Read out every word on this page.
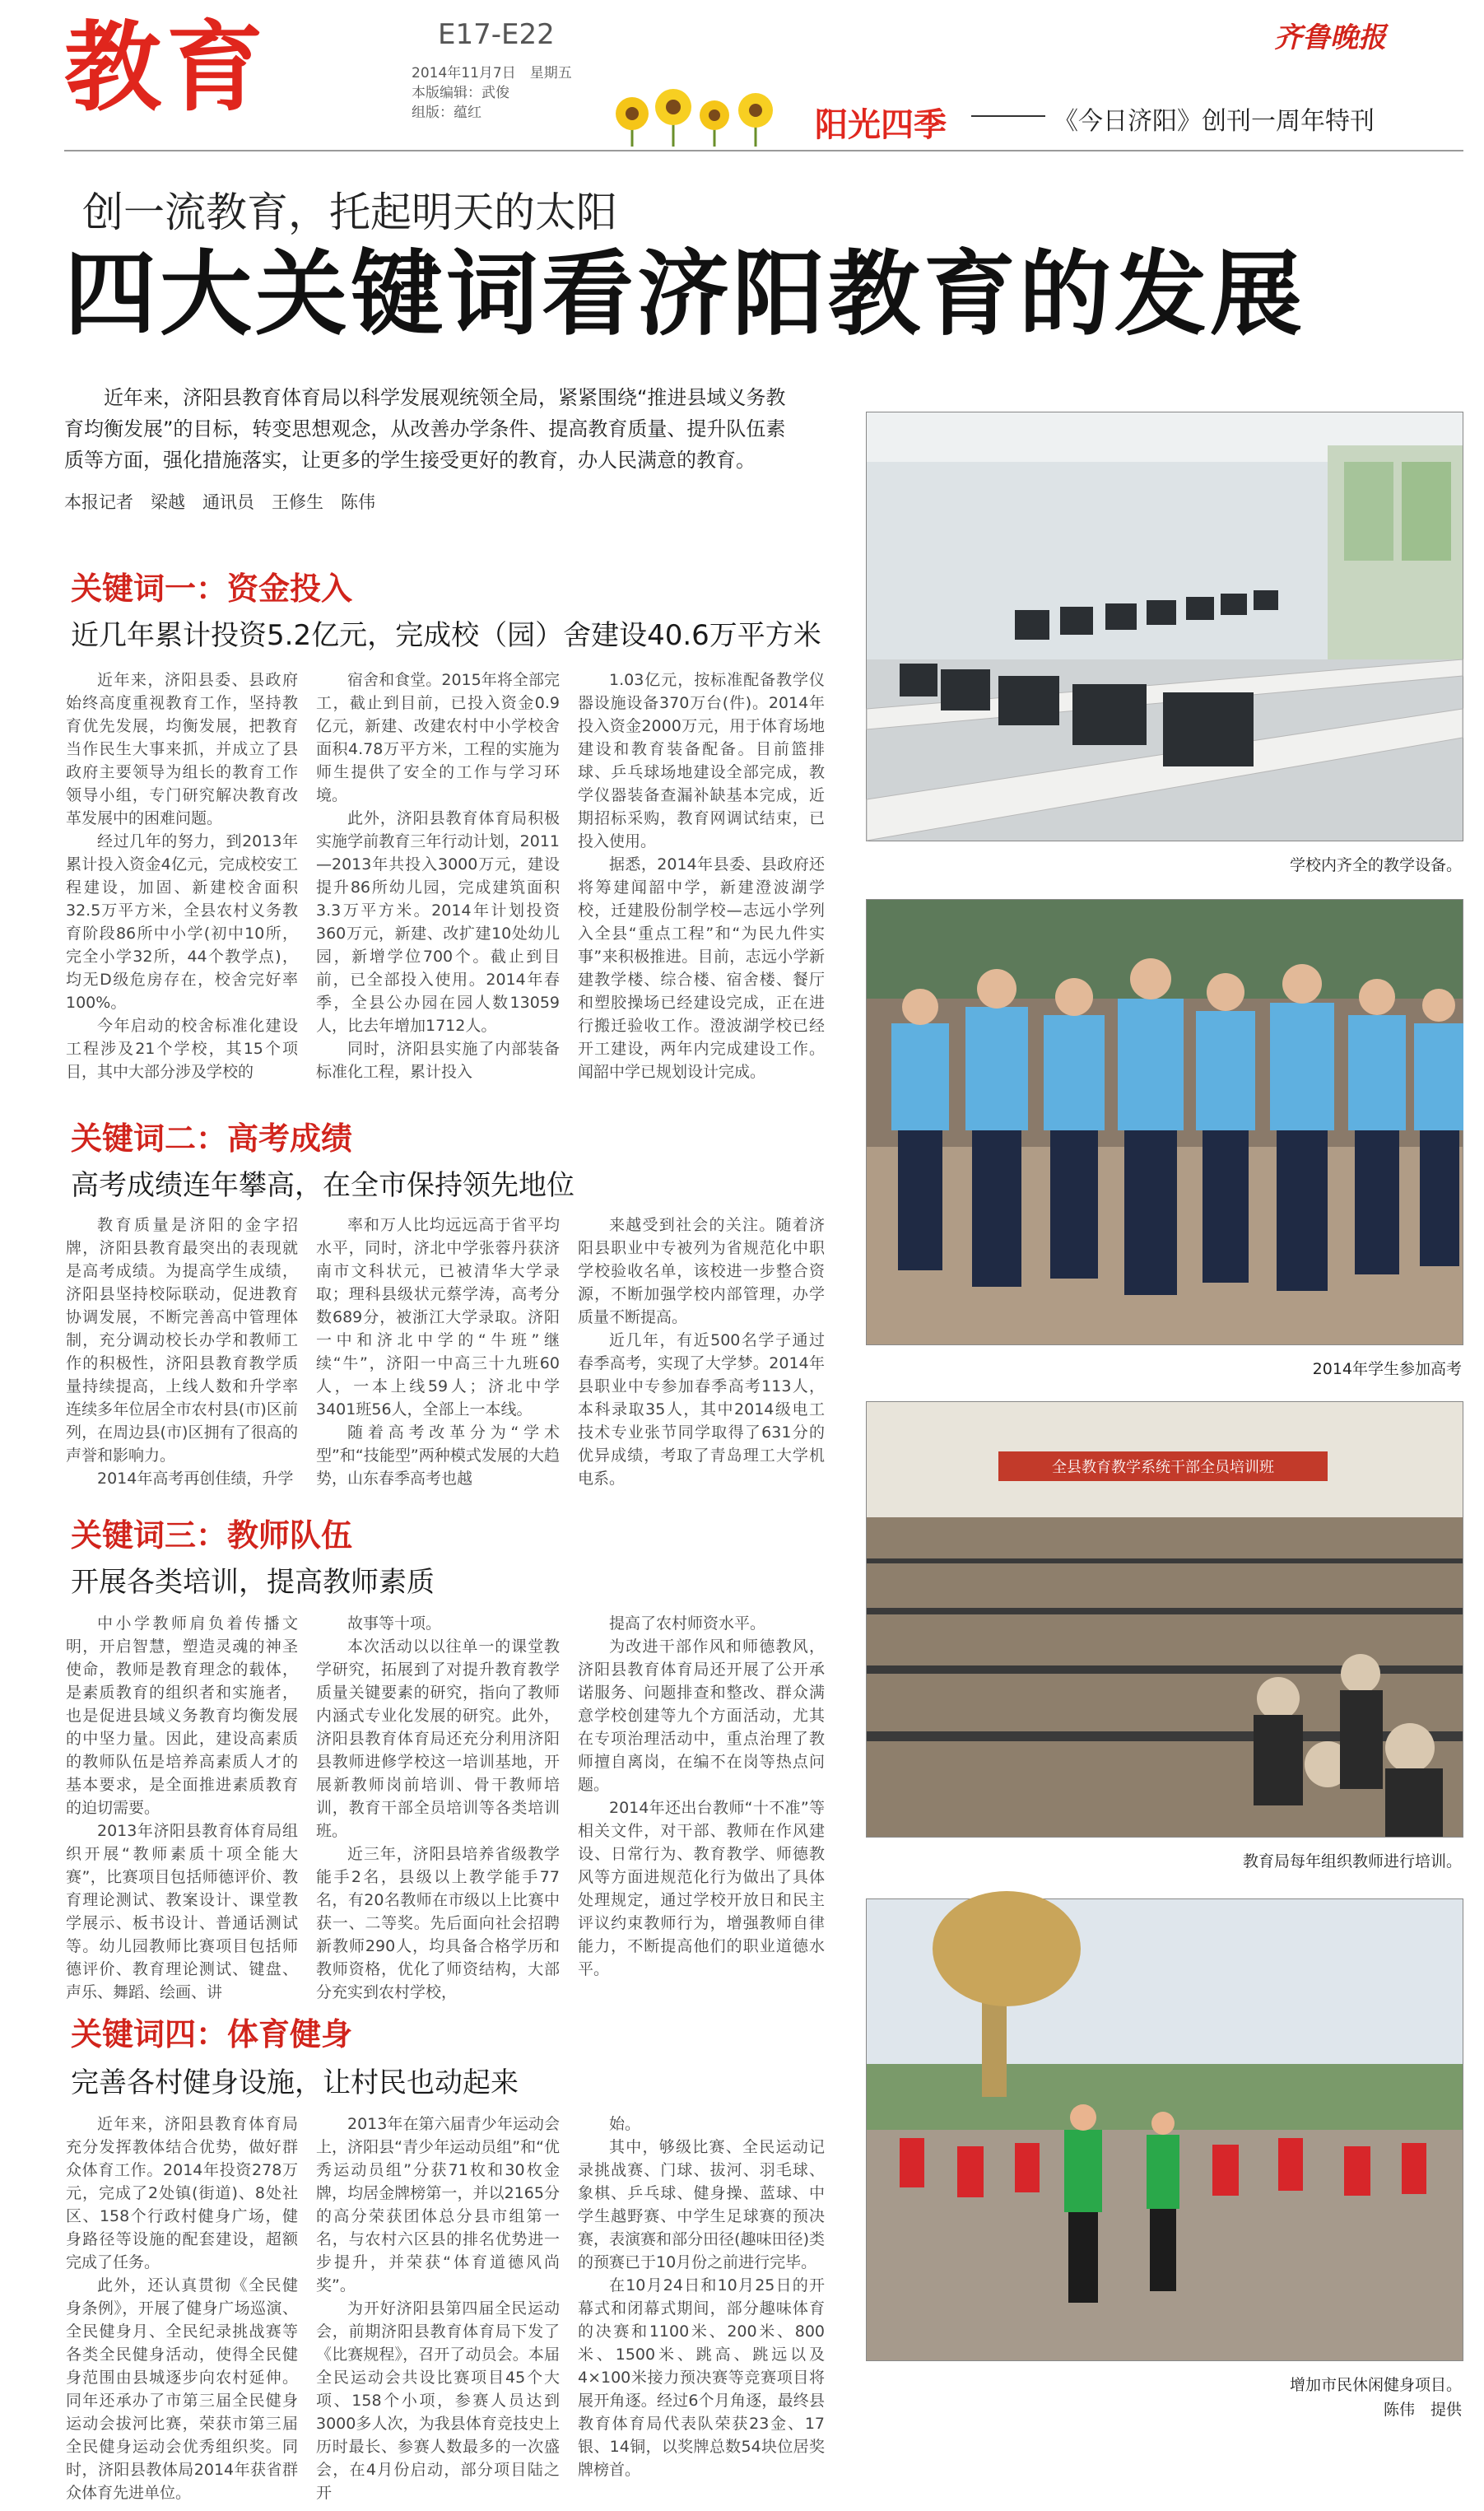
教育	E17-E22
2014年11月7日　星期五
本版编辑：武俊
组版：蕴红
齐鲁晚报
阳光四季	《今日济阳》创刊一周年特刊
创一流教育，托起明天的太阳
四大关键词看济阳教育的发展
近年来，济阳县教育体育局以科学发展观统领全局，紧紧围绕“推进县域义务教育均衡发展”的目标，转变思想观念，从改善办学条件、提高教育质量、提升队伍素质等方面，强化措施落实，让更多的学生接受更好的教育，办人民满意的教育。
本报记者　梁越　通讯员　王修生　陈伟
关键词一：资金投入
近几年累计投资5.2亿元，完成校（园）舍建设40.6万平方米

近年来，济阳县委、县政府始终高度重视教育工作，坚持教育优先发展，均衡发展，把教育当作民生大事来抓，并成立了县政府主要领导为组长的教育工作领导小组，专门研究解决教育改革发展中的困难问题。

经过几年的努力，到2013年累计投入资金4亿元，完成校安工程建设，加固、新建校舍面积32.5万平方米，全县农村义务教育阶段86所中小学(初中10所，完全小学32所，44个教学点)，均无D级危房存在，校舍完好率100%。

今年启动的校舍标准化建设工程涉及21个学校，其15个项目，其中大部分涉及学校的

宿舍和食堂。2015年将全部完工，截止到目前，已投入资金0.9亿元，新建、改建农村中小学校舍面积4.78万平方米，工程的实施为师生提供了安全的工作与学习环境。

此外，济阳县教育体育局积极实施学前教育三年行动计划，2011—2013年共投入3000万元，建设提升86所幼儿园，完成建筑面积3.3万平方米。2014年计划投资360万元，新建、改扩建10处幼儿园，新增学位700个。截止到目前，已全部投入使用。2014年春季，全县公办园在园人数13059人，比去年增加1712人。

同时，济阳县实施了内部装备标准化工程，累计投入

1.03亿元，按标准配备教学仪器设施设备370万台(件)。2014年投入资金2000万元，用于体育场地建设和教育装备配备。目前篮排球、乒乓球场地建设全部完成，教学仪器装备查漏补缺基本完成，近期招标采购，教育网调试结束，已投入使用。

据悉，2014年县委、县政府还将筹建闻韶中学，新建澄波湖学校，迁建股份制学校—志远小学列入全县“重点工程”和“为民九件实事”来积极推进。目前，志远小学新建教学楼、综合楼、宿舍楼、餐厅和塑胶操场已经建设完成，正在进行搬迁验收工作。澄波湖学校已经开工建设，两年内完成建设工作。闻韶中学已规划设计完成。

关键词二：高考成绩
高考成绩连年攀高，在全市保持领先地位

教育质量是济阳的金字招牌，济阳县教育最突出的表现就是高考成绩。为提高学生成绩，济阳县坚持校际联动，促进教育协调发展，不断完善高中管理体制，充分调动校长办学和教师工作的积极性，济阳县教育教学质量持续提高，上线人数和升学率连续多年位居全市农村县(市)区前列，在周边县(市)区拥有了很高的声誉和影响力。

2014年高考再创佳绩，升学

率和万人比均远远高于省平均水平，同时，济北中学张蓉丹获济南市文科状元，已被清华大学录取；理科县级状元蔡学涛，高考分数689分，被浙江大学录取。济阳一中和济北中学的“牛班”继续“牛”，济阳一中高三十九班60人，一本上线59人；济北中学3401班56人，全部上一本线。

随着高考改革分为“学术型”和“技能型”两种模式发展的大趋势，山东春季高考也越

来越受到社会的关注。随着济阳县职业中专被列为省规范化中职学校验收名单，该校进一步整合资源，不断加强学校内部管理，办学质量不断提高。

近几年，有近500名学子通过春季高考，实现了大学梦。2014年县职业中专参加春季高考113人，本科录取35人，其中2014级电工技术专业张节同学取得了631分的优异成绩，考取了青岛理工大学机电系。

关键词三：教师队伍
开展各类培训，提高教师素质

中小学教师肩负着传播文明，开启智慧，塑造灵魂的神圣使命，教师是教育理念的载体，是素质教育的组织者和实施者，也是促进县域义务教育均衡发展的中坚力量。因此，建设高素质的教师队伍是培养高素质人才的基本要求，是全面推进素质教育的迫切需要。

2013年济阳县教育体育局组织开展“教师素质十项全能大赛”，比赛项目包括师德评价、教育理论测试、教案设计、课堂教学展示、板书设计、普通话测试等。幼儿园教师比赛项目包括师德评价、教育理论测试、键盘、声乐、舞蹈、绘画、讲

故事等十项。

本次活动以以往单一的课堂教学研究，拓展到了对提升教育教学质量关键要素的研究，指向了教师内涵式专业化发展的研究。此外，济阳县教育体育局还充分利用济阳县教师进修学校这一培训基地，开展新教师岗前培训、骨干教师培训，教育干部全员培训等各类培训班。

近三年，济阳县培养省级教学能手2名，县级以上教学能手77名，有20名教师在市级以上比赛中获一、二等奖。先后面向社会招聘新教师290人，均具备合格学历和教师资格，优化了师资结构，大部分充实到农村学校，

提高了农村师资水平。

为改进干部作风和师德教风，济阳县教育体育局还开展了公开承诺服务、问题排查和整改、群众满意学校创建等九个方面活动，尤其在专项治理活动中，重点治理了教师擅自离岗，在编不在岗等热点问题。

2014年还出台教师“十不准”等相关文件，对干部、教师在作风建设、日常行为、教育教学、师德教风等方面进规范化行为做出了具体处理规定，通过学校开放日和民主评议约束教师行为，增强教师自律能力，不断提高他们的职业道德水平。

关键词四：体育健身
完善各村健身设施，让村民也动起来

近年来，济阳县教育体育局充分发挥教体结合优势，做好群众体育工作。2014年投资278万元，完成了2处镇(街道)、8处社区、158个行政村健身广场，健身路径等设施的配套建设，超额完成了任务。

此外，还认真贯彻《全民健身条例》，开展了健身广场巡演、全民健身月、全民纪录挑战赛等各类全民健身活动，使得全民健身范围由县城逐步向农村延伸。同年还承办了市第三届全民健身运动会拔河比赛，荣获市第三届全民健身运动会优秀组织奖。同时，济阳县教体局2014年获省群众体育先进单位。

2013年在第六届青少年运动会上，济阳县“青少年运动员组”和“优秀运动员组”分获71枚和30枚金牌，均居金牌榜第一，并以2165分的高分荣获团体总分县市组第一名，与农村六区县的排名优势进一步提升，并荣获“体育道德风尚奖”。

为开好济阳县第四届全民运动会，前期济阳县教育体育局下发了《比赛规程》，召开了动员会。本届全民运动会共设比赛项目45个大项、158个小项，参赛人员达到3000多人次，为我县体育竞技史上历时最长、参赛人数最多的一次盛会，在4月份启动，部分项目陆之开

始。

其中，够级比赛、全民运动记录挑战赛、门球、拔河、羽毛球、象棋、乒乓球、健身操、蓝球、中学生越野赛、中学生足球赛的预决赛，表演赛和部分田径(趣味田径)类的预赛已于10月份之前进行完毕。

在10月24日和10月25日的开幕式和闭幕式期间，部分趣味体育的决赛和1100米、200米、800米、1500米、跳高、跳远以及4×100米接力预决赛等竞赛项目将展开角逐。经过6个月角逐，最终县教育体育局代表队荣获23金、17银、14铜，以奖牌总数54块位居奖牌榜首。

学校内齐全的教学设备。
2014年学生参加高考
全县教育教学系统干部全员培训班
教育局每年组织教师进行培训。
增加市民休闲健身项目。
陈伟　提供
